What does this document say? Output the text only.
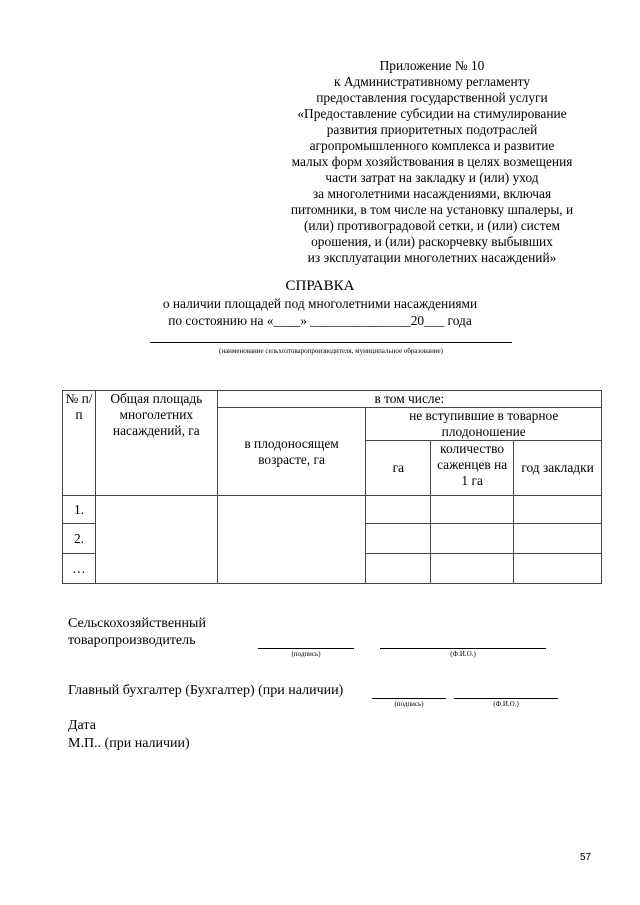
Приложение № 10
к Административному регламенту
предоставления государственной услуги
«Предоставление субсидии на стимулирование
развития приоритетных подотраслей
агропромышленного комплекса и развитие
малых форм хозяйствования в целях возмещения
части затрат на закладку и (или) уход
за многолетними насаждениями, включая
питомники, в том числе на установку шпалеры, и
(или) противоградовой сетки, и (или) систем
орошения, и (или) раскорчевку выбывших
из эксплуатации многолетних насаждений»
СПРАВКА
о наличии площадей под многолетними насаждениями
по состоянию на «____» _______________20___ года
(наименование сельхозтоваропроизводителя, муниципальное образование)
№ п/п	Общая площадь многолетних насаждений, га	в том числе:			
		в плодоносящем возрасте, га	не вступившие в товарное плодоношение		

			га	количество саженцев на 1 га	год закладки
1.					
2.					
…					
Сельскохозяйственный
товаропроизводитель
(подпись)	(Ф.И.О.)
Главный бухгалтер (Бухгалтер) (при наличии)
(подпись)	(Ф.И.О.)
Дата
М.П.. (при наличии)
57
